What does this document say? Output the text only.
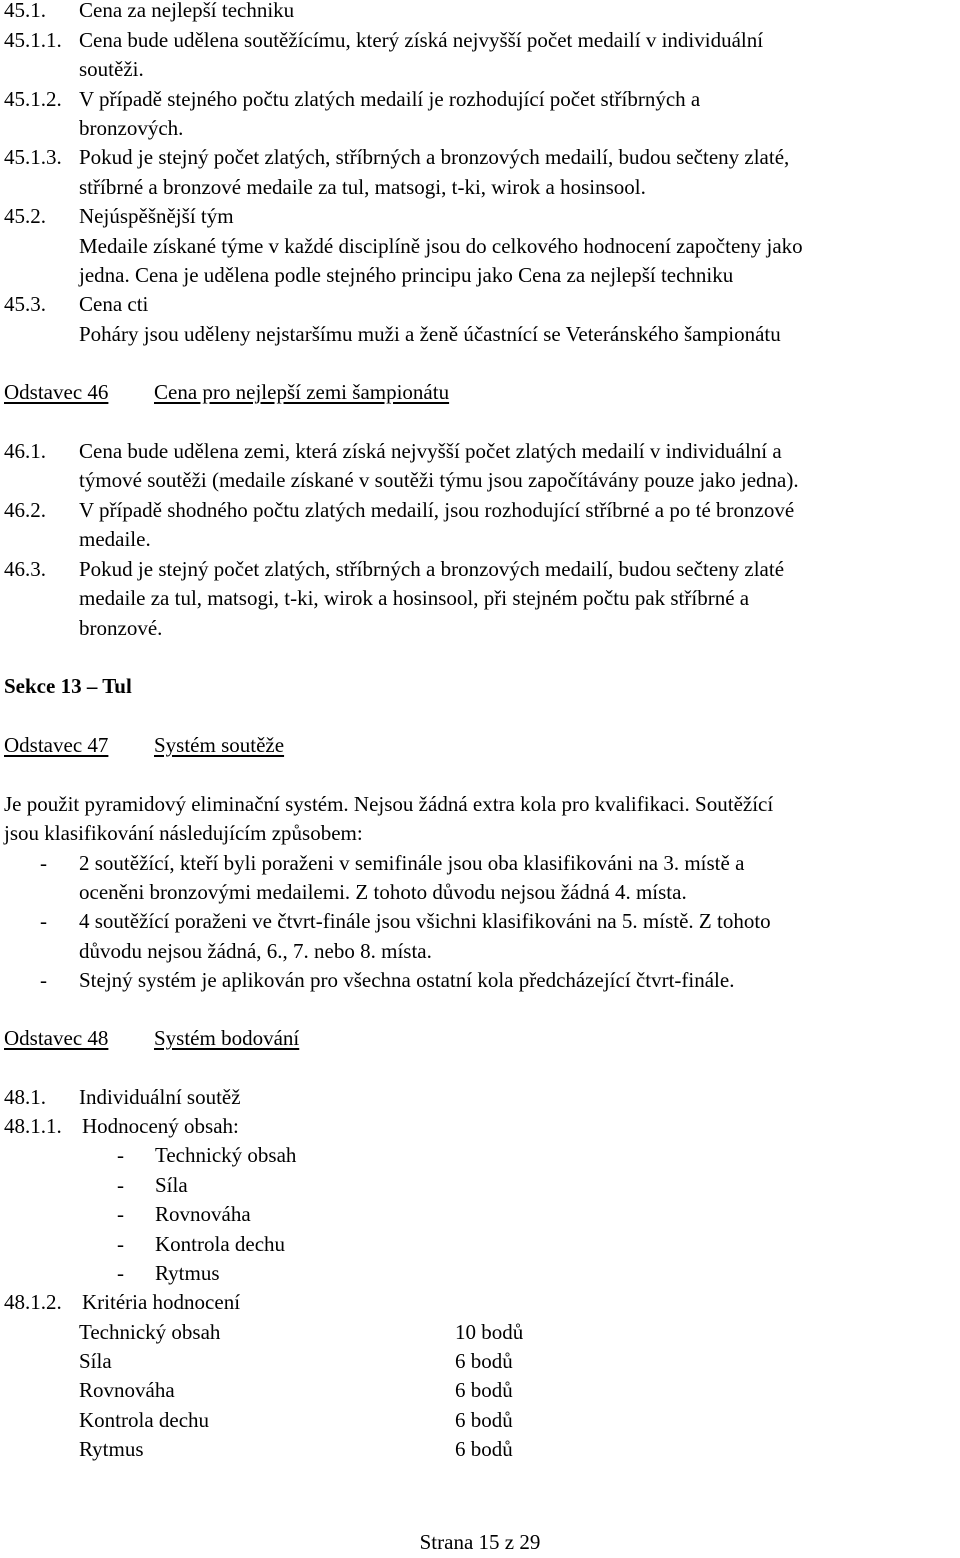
45.1. Cena za nejlepší techniku
45.1.1. Cena bude udělena soutěžícímu, který získá nejvyšší počet medailí v individuální
soutěži.
45.1.2. V případě stejného počtu zlatých medailí je rozhodující počet stříbrných a
bronzových.
45.1.3. Pokud je stejný počet zlatých, stříbrných a bronzových medailí, budou sečteny zlaté,
stříbrné a bronzové medaile za tul, matsogi, t-ki, wirok a hosinsool.
45.2. Nejúspěšnější tým
Medaile získané týme v každé disciplíně jsou do celkového hodnocení započteny jako
jedna. Cena je udělena podle stejného principu jako Cena za nejlepší techniku
45.3. Cena cti
Poháry jsou uděleny nejstaršímu muži a ženě účastnící se Veteránského šampionátu
Odstavec 46 Cena pro nejlepší zemi šampionátu
46.1. Cena bude udělena zemi, která získá nejvyšší počet zlatých medailí v individuální a
týmové soutěži (medaile získané v soutěži týmu jsou započítávány pouze jako jedna).
46.2. V případě shodného počtu zlatých medailí, jsou rozhodující stříbrné a po té bronzové
medaile.
46.3. Pokud je stejný počet zlatých, stříbrných a bronzových medailí, budou sečteny zlaté
medaile za tul, matsogi, t-ki, wirok a hosinsool, při stejném počtu pak stříbrné a
bronzové.
Sekce 13 – Tul
Odstavec 47 Systém soutěže
Je použit pyramidový eliminační systém. Nejsou žádná extra kola pro kvalifikaci. Soutěžící
jsou klasifikování následujícím způsobem:
- 2 soutěžící, kteří byli poraženi v semifinále jsou oba klasifikováni na 3. místě a
oceněni bronzovými medailemi. Z tohoto důvodu nejsou žádná 4. místa.
- 4 soutěžící poraženi ve čtvrt-finále jsou všichni klasifikováni na 5. místě. Z tohoto
důvodu nejsou žádná, 6., 7. nebo 8. místa.
- Stejný systém je aplikován pro všechna ostatní kola předcházející čtvrt-finále.
Odstavec 48 Systém bodování
48.1. Individuální soutěž
48.1.1. Hodnocený obsah:
- Technický obsah
- Síla
- Rovnováha
- Kontrola dechu
- Rytmus
48.1.2. Kritéria hodnocení
Technický obsah	10 bodů
Síla	6 bodů
Rovnováha	6 bodů
Kontrola dechu	6 bodů
Rytmus	6 bodů
Strana 15 z 29
